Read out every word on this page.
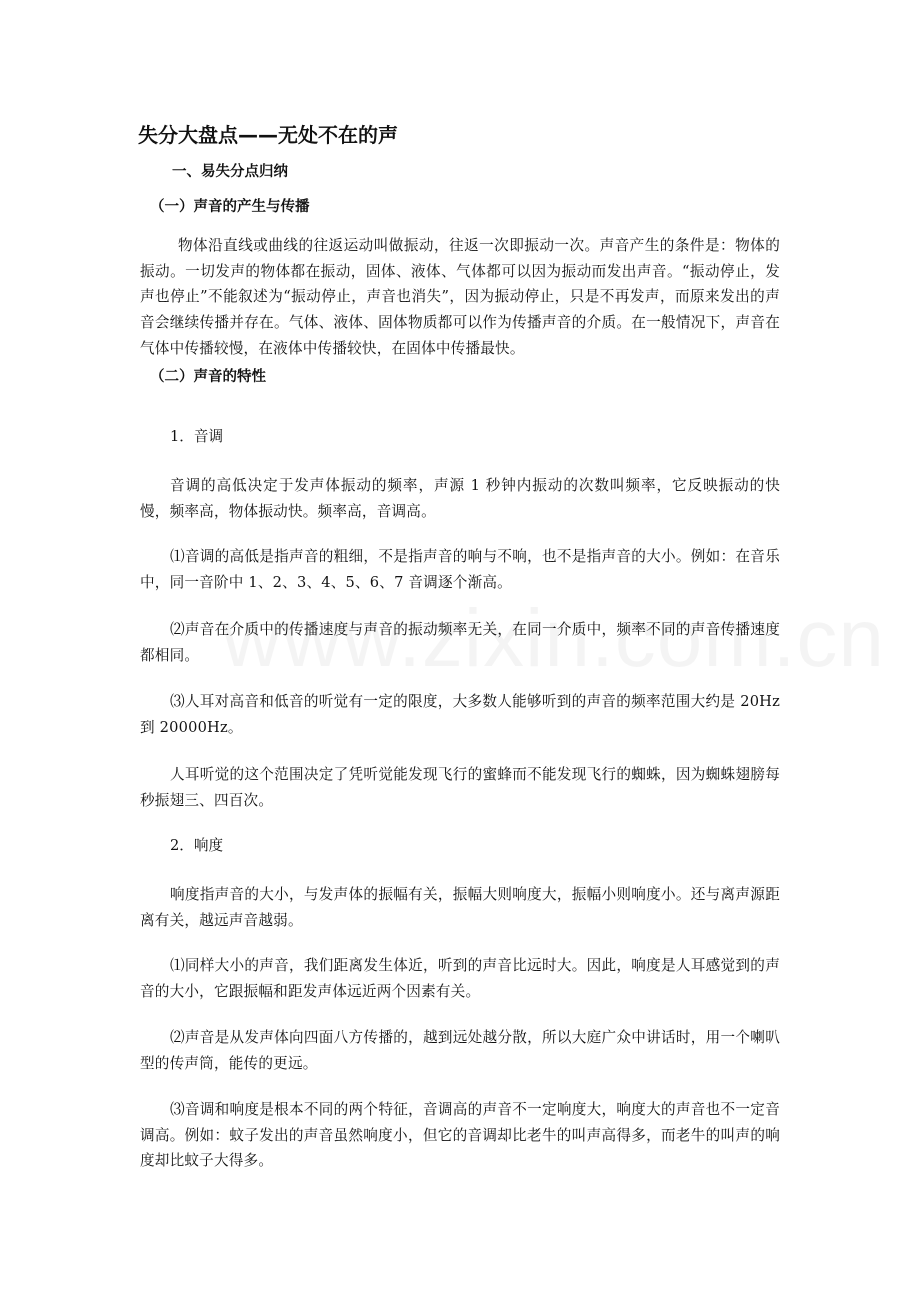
失分大盘点——无处不在的声
一、易失分点归纳
（一）声音的产生与传播
物体沿直线或曲线的往返运动叫做振动，往返一次即振动一次。声音产生的条件是：物体的振动。一切发声的物体都在振动，固体、液体、气体都可以因为振动而发出声音。“振动停止，发声也停止”不能叙述为“振动停止，声音也消失”，因为振动停止，只是不再发声，而原来发出的声音会继续传播并存在。气体、液体、固体物质都可以作为传播声音的介质。在一般情况下，声音在气体中传播较慢，在液体中传播较快，在固体中传播最快。
（二）声音的特性
1．音调
音调的高低决定于发声体振动的频率，声源 1 秒钟内振动的次数叫频率，它反映振动的快慢，频率高，物体振动快。频率高，音调高。
⑴音调的高低是指声音的粗细，不是指声音的响与不响，也不是指声音的大小。例如：在音乐中，同一音阶中 1、2、3、4、5、6、7 音调逐个渐高。
⑵声音在介质中的传播速度与声音的振动频率无关，在同一介质中，频率不同的声音传播速度都相同。
⑶人耳对高音和低音的听觉有一定的限度，大多数人能够听到的声音的频率范围大约是 20Hz 到 20000Hz。
人耳听觉的这个范围决定了凭听觉能发现飞行的蜜蜂而不能发现飞行的蜘蛛，因为蜘蛛翅膀每秒振翅三、四百次。
2．响度
响度指声音的大小，与发声体的振幅有关，振幅大则响度大，振幅小则响度小。还与离声源距离有关，越远声音越弱。
⑴同样大小的声音，我们距离发生体近，听到的声音比远时大。因此，响度是人耳感觉到的声音的大小，它跟振幅和距发声体远近两个因素有关。
⑵声音是从发声体向四面八方传播的，越到远处越分散，所以大庭广众中讲话时，用一个喇叭型的传声筒，能传的更远。
⑶音调和响度是根本不同的两个特征，音调高的声音不一定响度大，响度大的声音也不一定音调高。例如：蚊子发出的声音虽然响度小，但它的音调却比老牛的叫声高得多，而老牛的叫声的响度却比蚊子大得多。
